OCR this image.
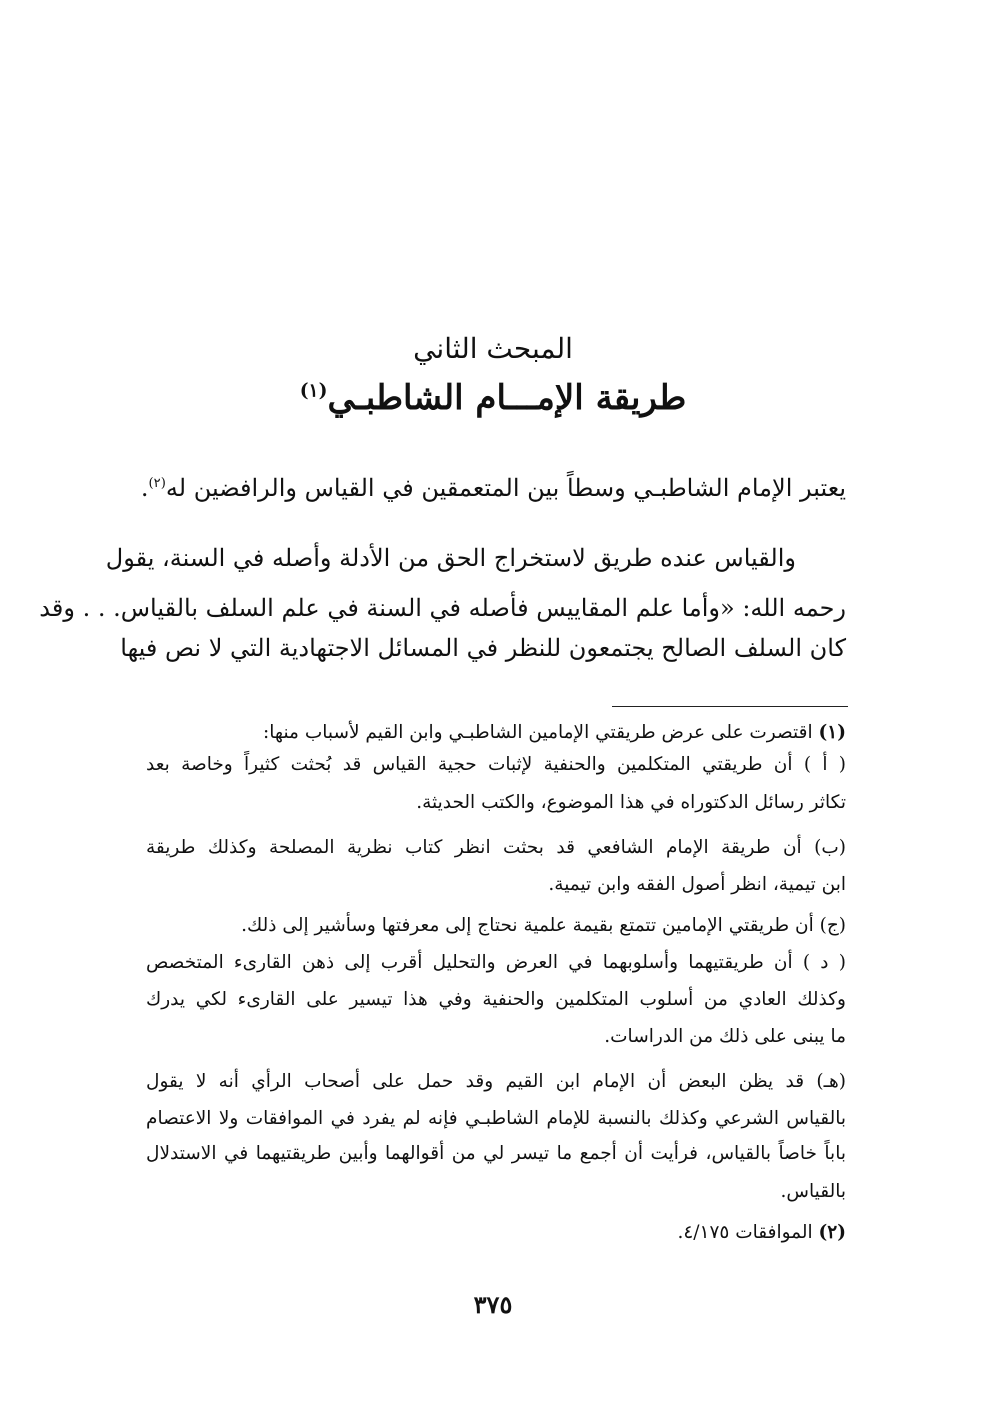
المبحث الثاني
طريقة الإمـــام الشاطبـي$^{(١)}$
يعتبر الإمام الشاطبـي وسطاً بين المتعمقين في القياس والرافضين له$^{(٢)}$.
والقياس عنده طريق لاستخراج الحق من الأدلة وأصله في السنة، يقول
رحمه الله: «وأما علم المقاييس فأصله في السنة في علم السلف بالقياس. . . وقد
كان السلف الصالح يجتمعون للنظر في المسائل الاجتهادية التي لا نص فيها
(١) اقتصرت على عرض طريقتي الإمامين الشاطبـي وابن القيم لأسباب منها:
( أ ) أن طريقتي المتكلمين والحنفية لإثبات حجية القياس قد بُحثت كثيراً وخاصة بعد
تكاثر رسائل الدكتوراه في هذا الموضوع، والكتب الحديثة.
(ب) أن طريقة الإمام الشافعي قد بحثت انظر كتاب نظرية المصلحة وكذلك طريقة
ابن تيمية، انظر أصول الفقه وابن تيمية.
(ج) أن طريقتي الإمامين تتمتع بقيمة علمية نحتاج إلى معرفتها وسأشير إلى ذلك.
( د ) أن طريقتيهما وأسلوبهما في العرض والتحليل أقرب إلى ذهن القارىء المتخصص
وكذلك العادي من أسلوب المتكلمين والحنفية وفي هذا تيسير على القارىء لكي يدرك
ما يبنى على ذلك من الدراسات.
(هـ) قد يظن البعض أن الإمام ابن القيم وقد حمل على أصحاب الرأي أنه لا يقول
بالقياس الشرعي وكذلك بالنسبة للإمام الشاطبـي فإنه لم يفرد في الموافقات ولا الاعتصام
باباً خاصاً بالقياس، فرأيت أن أجمع ما تيسر لي من أقوالهما وأبين طريقتيهما في الاستدلال
بالقياس.
(٢) الموافقات ٤/١٧٥.
٣٧٥
